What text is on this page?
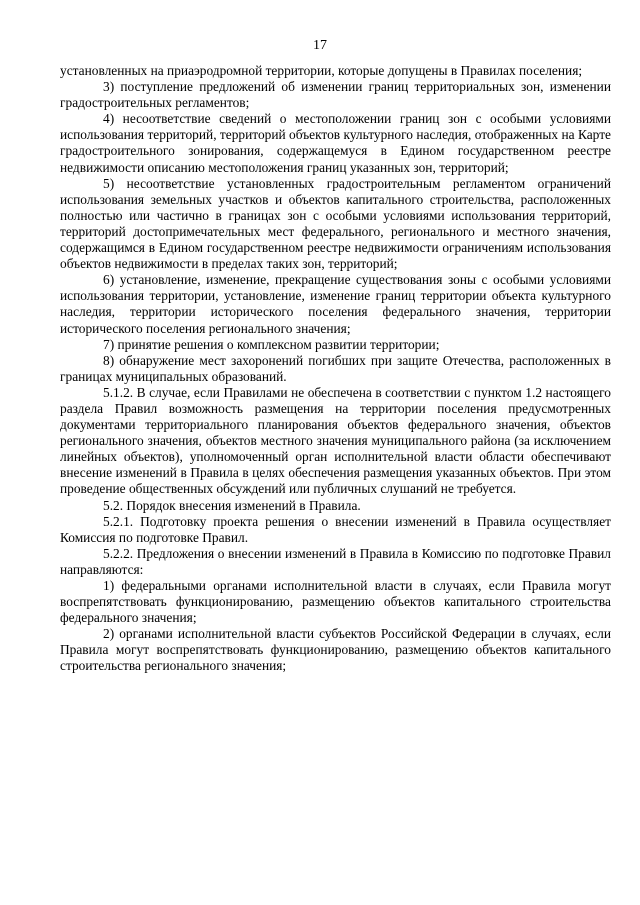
17

установленных на приаэродромной территории, которые допущены в Правилах поселения;

3) поступление предложений об изменении границ территориальных зон, изменении градостроительных регламентов;

4) несоответствие сведений о местоположении границ зон с особыми условиями использования территорий, территорий объектов культурного наследия, отображенных на Карте градостроительного зонирования, содержащемуся в Едином государственном реестре недвижимости описанию местоположения границ указанных зон, территорий;

5) несоответствие установленных градостроительным регламентом ограничений использования земельных участков и объектов капитального строительства, расположенных полностью или частично в границах зон с особыми условиями использования территорий, территорий достопримечательных мест федерального, регионального и местного значения, содержащимся в Едином государственном реестре недвижимости ограничениям использования объектов недвижимости в пределах таких зон, территорий;

6) установление, изменение, прекращение существования зоны с особыми условиями использования территории, установление, изменение границ территории объекта культурного наследия, территории исторического поселения федерального значения, территории исторического поселения регионального значения;

7) принятие решения о комплексном развитии территории;

8) обнаружение мест захоронений погибших при защите Отечества, расположенных в границах муниципальных образований.

5.1.2. В случае, если Правилами не обеспечена в соответствии с пунктом 1.2 настоящего раздела Правил возможность размещения на территории поселения предусмотренных документами территориального планирования объектов федерального значения, объектов регионального значения, объектов местного значения муниципального района (за исключением линейных объектов), уполномоченный орган исполнительной власти области обеспечивают внесение изменений в Правила в целях обеспечения размещения указанных объектов. При этом проведение общественных обсуждений или публичных слушаний не требуется.

5.2. Порядок внесения изменений в Правила.

5.2.1. Подготовку проекта решения о внесении изменений в Правила осуществляет Комиссия по подготовке Правил.

5.2.2. Предложения о внесении изменений в Правила в Комиссию по подготовке Правил направляются:

1) федеральными органами исполнительной власти в случаях, если Правила могут воспрепятствовать функционированию, размещению объектов капитального строительства федерального значения;

2) органами исполнительной власти субъектов Российской Федерации в случаях, если Правила могут воспрепятствовать функционированию, размещению объектов капитального строительства регионального значения;
